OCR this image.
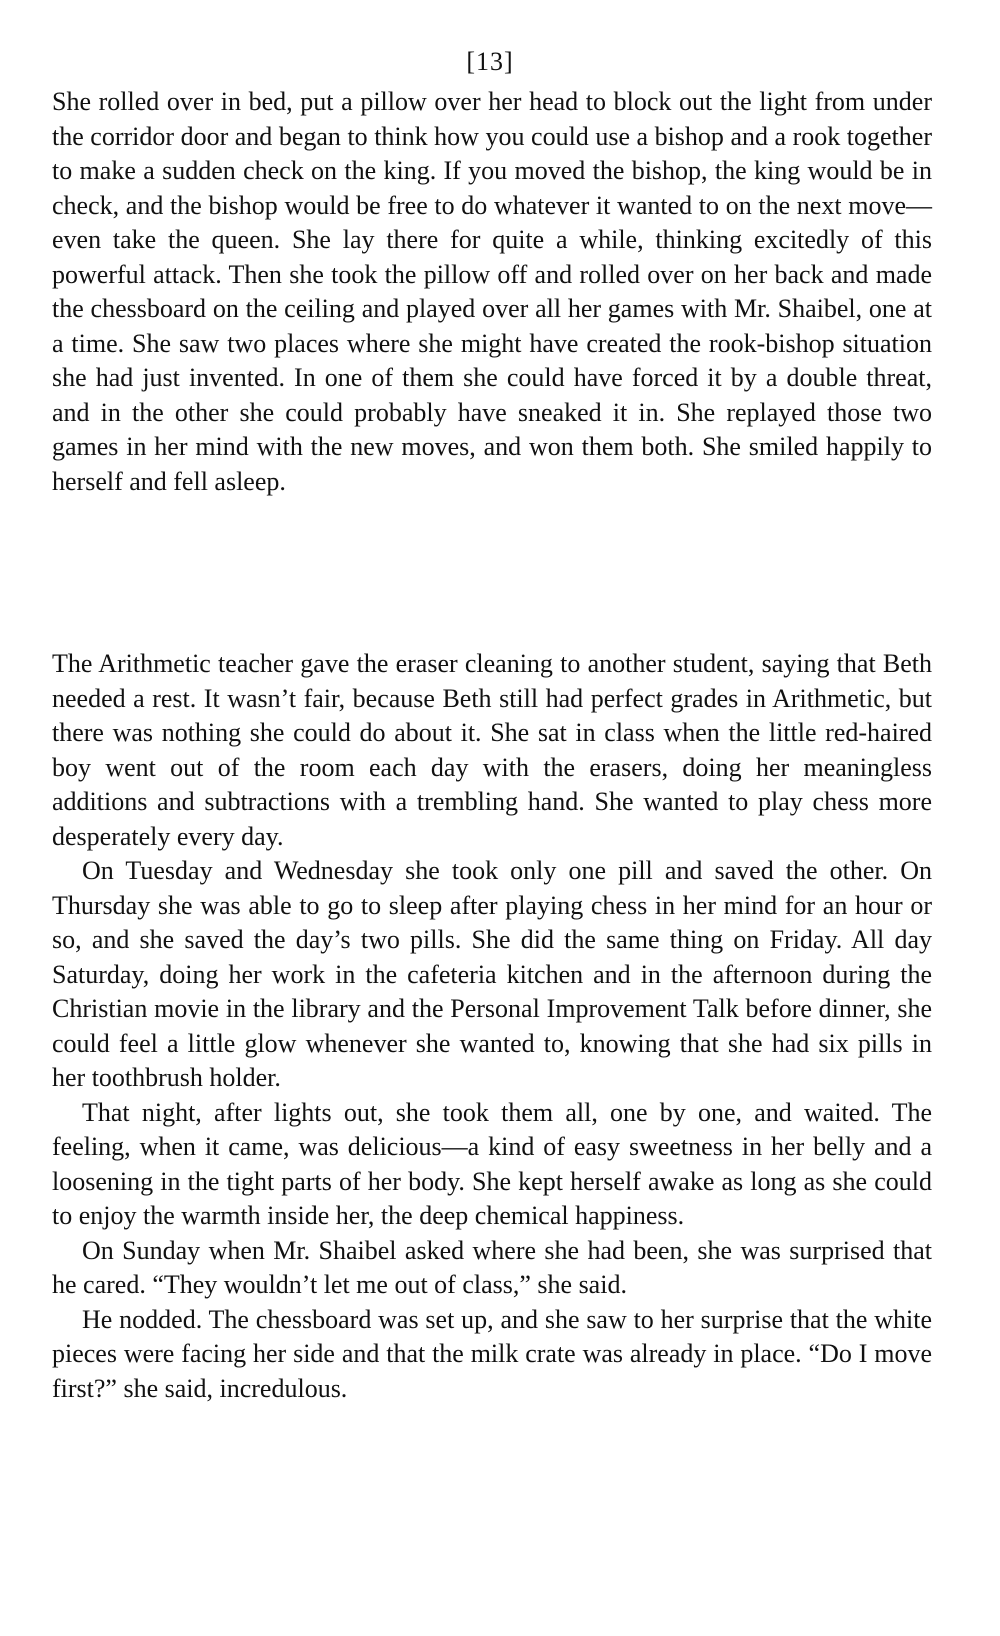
[13]

She rolled over in bed, put a pillow over her head to block out the light from under the corridor door and began to think how you could use a bishop and a rook together to make a sudden check on the king. If you moved the bishop, the king would be in check, and the bishop would be free to do whatever it wanted to on the next move—even take the queen. She lay there for quite a while, thinking excitedly of this powerful attack. Then she took the pillow off and rolled over on her back and made the chessboard on the ceiling and played over all her games with Mr. Shaibel, one at a time. She saw two places where she might have created the rook-bishop situation she had just invented. In one of them she could have forced it by a double threat, and in the other she could probably have sneaked it in. She replayed those two games in her mind with the new moves, and won them both. She smiled happily to herself and fell asleep.

The Arithmetic teacher gave the eraser cleaning to another student, saying that Beth needed a rest. It wasn’t fair, because Beth still had perfect grades in Arithmetic, but there was nothing she could do about it. She sat in class when the little red-haired boy went out of the room each day with the erasers, doing her meaningless additions and subtractions with a trembling hand. She wanted to play chess more desperately every day.

On Tuesday and Wednesday she took only one pill and saved the other. On Thursday she was able to go to sleep after playing chess in her mind for an hour or so, and she saved the day’s two pills. She did the same thing on Friday. All day Saturday, doing her work in the cafeteria kitchen and in the afternoon during the Christian movie in the library and the Personal Improvement Talk before dinner, she could feel a little glow whenever she wanted to, knowing that she had six pills in her toothbrush holder.

That night, after lights out, she took them all, one by one, and waited. The feeling, when it came, was delicious—a kind of easy sweetness in her belly and a loosening in the tight parts of her body. She kept herself awake as long as she could to enjoy the warmth inside her, the deep chemical happiness.

On Sunday when Mr. Shaibel asked where she had been, she was surprised that he cared. “They wouldn’t let me out of class,” she said.

He nodded. The chessboard was set up, and she saw to her surprise that the white pieces were facing her side and that the milk crate was already in place. “Do I move first?” she said, incredulous.
